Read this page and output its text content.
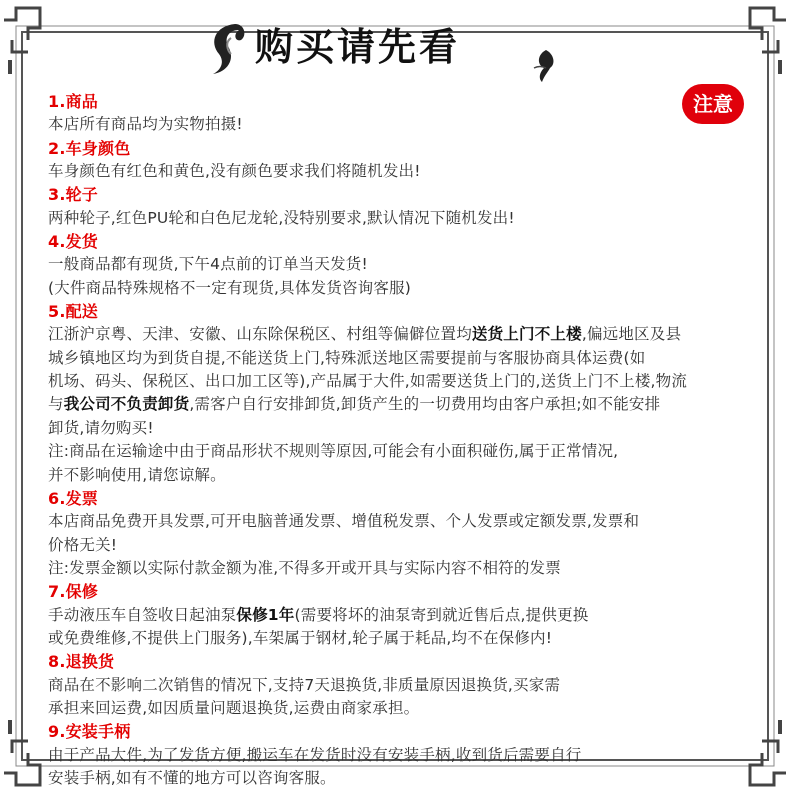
购买请先看
注意
1.商品
本店所有商品均为实物拍摄!
2.车身颜色
车身颜色有红色和黄色,没有颜色要求我们将随机发出!
3.轮子
两种轮子,红色PU轮和白色尼龙轮,没特别要求,默认情况下随机发出!
4.发货
一般商品都有现货,下午4点前的订单当天发货!
(大件商品特殊规格不一定有现货,具体发货咨询客服)
5.配送
江浙沪京粤、天津、安徽、山东除保税区、村组等偏僻位置均送货上门不上楼,偏远地区及县
城乡镇地区均为到货自提,不能送货上门,特殊派送地区需要提前与客服协商具体运费(如
机场、码头、保税区、出口加工区等),产品属于大件,如需要送货上门的,送货上门不上楼,物流
与我公司不负责卸货,需客户自行安排卸货,卸货产生的一切费用均由客户承担;如不能安排
卸货,请勿购买!
注:商品在运输途中由于商品形状不规则等原因,可能会有小面积碰伤,属于正常情况,
并不影响使用,请您谅解。
6.发票
本店商品免费开具发票,可开电脑普通发票、增值税发票、个人发票或定额发票,发票和
价格无关!
注:发票金额以实际付款金额为准,不得多开或开具与实际内容不相符的发票
7.保修
手动液压车自签收日起油泵保修1年(需要将坏的油泵寄到就近售后点,提供更换
或免费维修,不提供上门服务),车架属于钢材,轮子属于耗品,均不在保修内!
8.退换货
商品在不影响二次销售的情况下,支持7天退换货,非质量原因退换货,买家需
承担来回运费,如因质量问题退换货,运费由商家承担。
9.安装手柄
由于产品大件,为了发货方便,搬运车在发货时没有安装手柄,收到货后需要自行
安装手柄,如有不懂的地方可以咨询客服。
